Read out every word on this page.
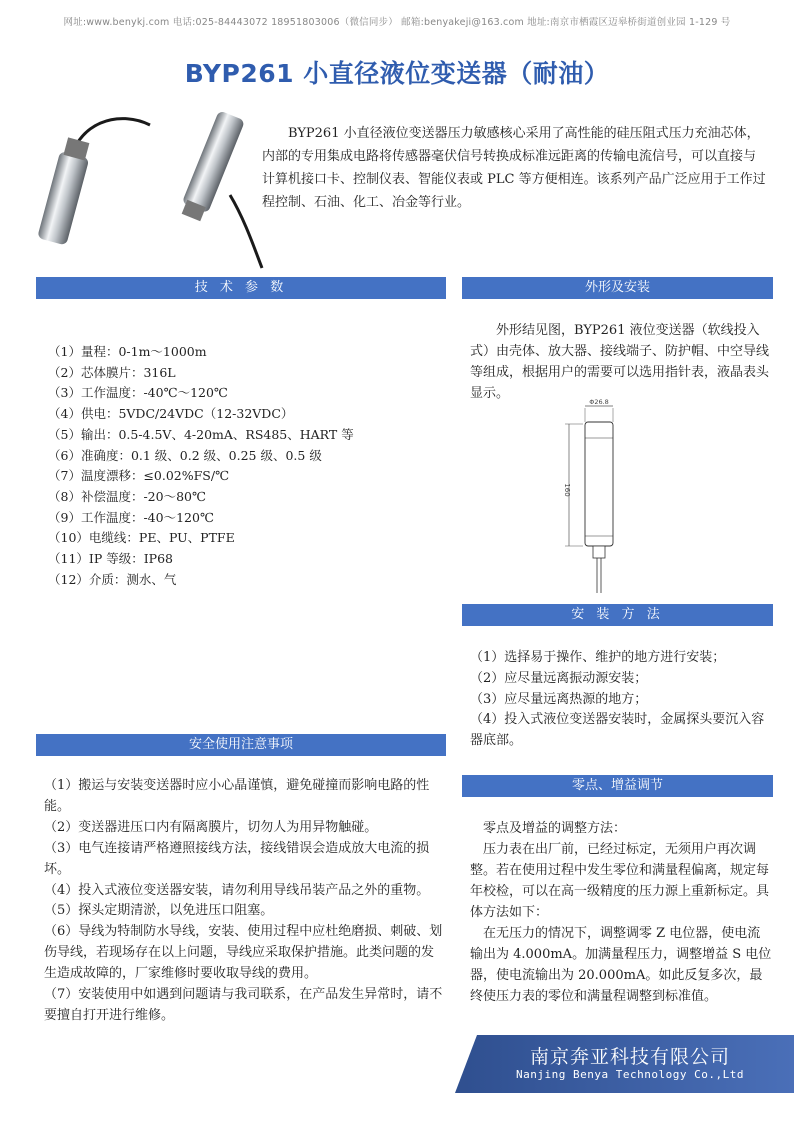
网址:www.benykj.com 电话:025-84443072 18951803006（微信同步） 邮箱:benyakeji@163.com 地址:南京市栖霞区迈皋桥街道创业园 1-129 号
BYP261 小直径液位变送器（耐油）
BYP261 小直径液位变送器压力敏感核心采用了高性能的硅压阻式压力充油芯体，内部的专用集成电路将传感器毫伏信号转换成标准远距离的传输电流信号，可以直接与计算机接口卡、控制仪表、智能仪表或 PLC 等方便相连。该系列产品广泛应用于工作过程控制、石油、化工、冶金等行业。
技 术 参 数	外形及安装
安 装 方 法
安全使用注意事项
零点、增益调节
（1）量程：0-1m～1000m
（2）芯体膜片：316L
（3）工作温度：-40℃～120℃
（4）供电：5VDC/24VDC（12-32VDC）
（5）输出：0.5-4.5V、4-20mA、RS485、HART 等
（6）准确度：0.1 级、0.2 级、0.25 级、0.5 级
（7）温度漂移：≤0.02%FS/℃
（8）补偿温度：-20～80℃
（9）工作温度：-40～120℃
（10）电缆线：PE、PU、PTFE
（11）IP 等级：IP68
（12）介质：测水、气
外形结见图，BYP261 液位变送器（软线投入式）由壳体、放大器、接线端子、防护帽、中空导线等组成，根据用户的需要可以选用指针表，液晶表头显示。
Φ26.8
160
（1）选择易于操作、维护的地方进行安装；
（2）应尽量远离振动源安装；
（3）应尽量远离热源的地方；
（4）投入式液位变送器安装时，金属探头要沉入容器底部。
（1）搬运与安装变送器时应小心晶谨慎，避免碰撞而影响电路的性能。
（2）变送器进压口内有隔离膜片，切勿人为用异物触碰。
（3）电气连接请严格遵照接线方法，接线错误会造成放大电流的损坏。
（4）投入式液位变送器安装，请勿利用导线吊装产品之外的重物。
（5）探头定期清淤，以免进压口阻塞。
（6）导线为特制防水导线，安装、使用过程中应杜绝磨损、刺破、划伤导线，若现场存在以上问题，导线应采取保护措施。此类问题的发生造成故障的，厂家维修时要收取导线的费用。
（7）安装使用中如遇到问题请与我司联系，在产品发生异常时，请不要擅自打开进行维修。

零点及增益的调整方法：

压力表在出厂前，已经过标定，无须用户再次调整。若在使用过程中发生零位和满量程偏离，规定每年校检，可以在高一级精度的压力源上重新标定。具体方法如下：

在无压力的情况下，调整调零 Z 电位器，使电流输出为 4.000mA。加满量程压力，调整增益 S 电位器，使电流输出为 20.000mA。如此反复多次，最终使压力表的零位和满量程调整到标准值。

南京奔亚科技有限公司
Nanjing Benya Technology Co.,Ltd
